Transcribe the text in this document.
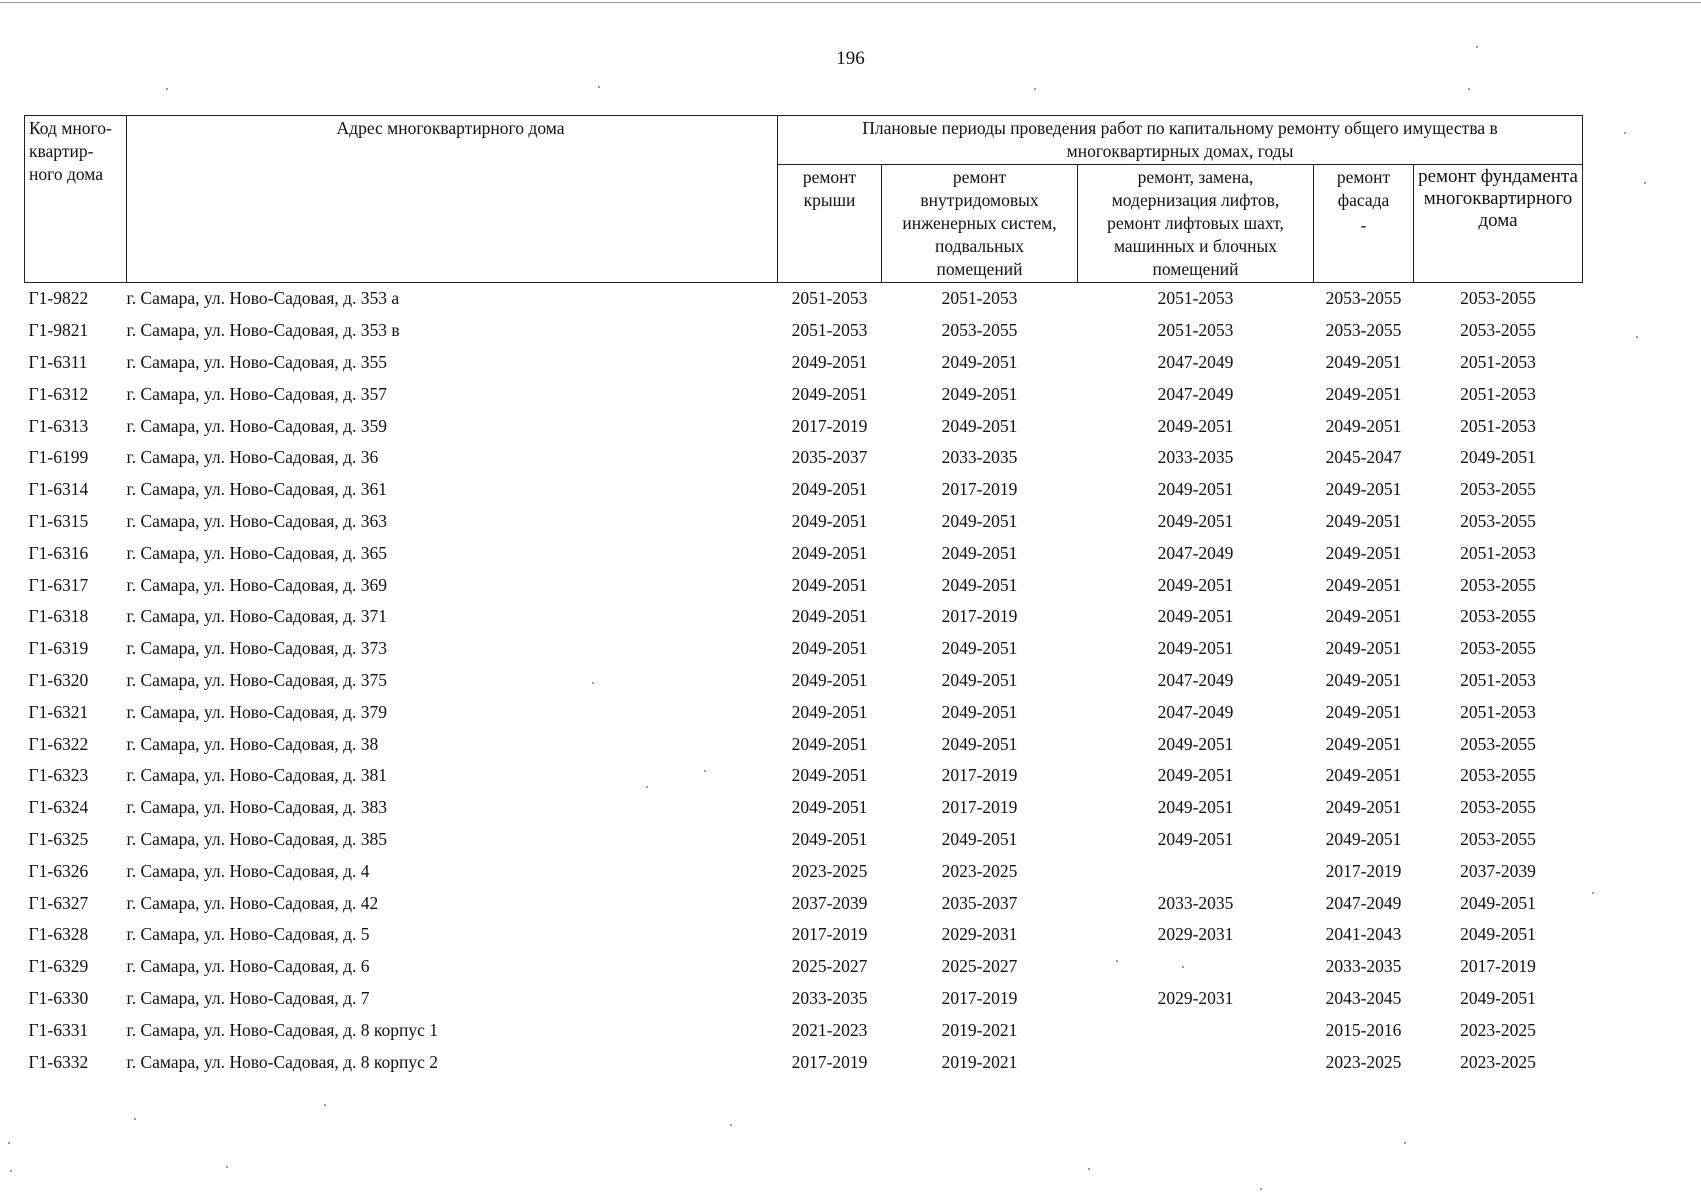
196
Код много-
квартир-
ного дома	Адрес многоквартирного дома	Плановые периоды проведения работ по капитальному ремонту общего имущества в
многоквартирных домах, годы				
		ремонт
крыши	ремонт
внутридомовых
инженерных систем,
подвальных
помещений	ремонт, замена,
модернизация лифтов,
ремонт лифтовых шахт,
машинных и блочных
помещений	ремонт
фасада
-	ремонт фундамента
многоквартирного
дома
Г1-9822	г. Самара, ул. Ново-Садовая, д. 353 а	2051-2053	2051-2053	2051-2053	2053-2055	2053-2055
Г1-9821	г. Самара, ул. Ново-Садовая, д. 353 в	2051-2053	2053-2055	2051-2053	2053-2055	2053-2055
Г1-6311	г. Самара, ул. Ново-Садовая, д. 355	2049-2051	2049-2051	2047-2049	2049-2051	2051-2053
Г1-6312	г. Самара, ул. Ново-Садовая, д. 357	2049-2051	2049-2051	2047-2049	2049-2051	2051-2053
Г1-6313	г. Самара, ул. Ново-Садовая, д. 359	2017-2019	2049-2051	2049-2051	2049-2051	2051-2053
Г1-6199	г. Самара, ул. Ново-Садовая, д. 36	2035-2037	2033-2035	2033-2035	2045-2047	2049-2051
Г1-6314	г. Самара, ул. Ново-Садовая, д. 361	2049-2051	2017-2019	2049-2051	2049-2051	2053-2055
Г1-6315	г. Самара, ул. Ново-Садовая, д. 363	2049-2051	2049-2051	2049-2051	2049-2051	2053-2055
Г1-6316	г. Самара, ул. Ново-Садовая, д. 365	2049-2051	2049-2051	2047-2049	2049-2051	2051-2053
Г1-6317	г. Самара, ул. Ново-Садовая, д. 369	2049-2051	2049-2051	2049-2051	2049-2051	2053-2055
Г1-6318	г. Самара, ул. Ново-Садовая, д. 371	2049-2051	2017-2019	2049-2051	2049-2051	2053-2055
Г1-6319	г. Самара, ул. Ново-Садовая, д. 373	2049-2051	2049-2051	2049-2051	2049-2051	2053-2055
Г1-6320	г. Самара, ул. Ново-Садовая, д. 375	2049-2051	2049-2051	2047-2049	2049-2051	2051-2053
Г1-6321	г. Самара, ул. Ново-Садовая, д. 379	2049-2051	2049-2051	2047-2049	2049-2051	2051-2053
Г1-6322	г. Самара, ул. Ново-Садовая, д. 38	2049-2051	2049-2051	2049-2051	2049-2051	2053-2055
Г1-6323	г. Самара, ул. Ново-Садовая, д. 381	2049-2051	2017-2019	2049-2051	2049-2051	2053-2055
Г1-6324	г. Самара, ул. Ново-Садовая, д. 383	2049-2051	2017-2019	2049-2051	2049-2051	2053-2055
Г1-6325	г. Самара, ул. Ново-Садовая, д. 385	2049-2051	2049-2051	2049-2051	2049-2051	2053-2055
Г1-6326	г. Самара, ул. Ново-Садовая, д. 4	2023-2025	2023-2025		2017-2019	2037-2039
Г1-6327	г. Самара, ул. Ново-Садовая, д. 42	2037-2039	2035-2037	2033-2035	2047-2049	2049-2051
Г1-6328	г. Самара, ул. Ново-Садовая, д. 5	2017-2019	2029-2031	2029-2031	2041-2043	2049-2051
Г1-6329	г. Самара, ул. Ново-Садовая, д. 6	2025-2027	2025-2027		2033-2035	2017-2019
Г1-6330	г. Самара, ул. Ново-Садовая, д. 7	2033-2035	2017-2019	2029-2031	2043-2045	2049-2051
Г1-6331	г. Самара, ул. Ново-Садовая, д. 8 корпус 1	2021-2023	2019-2021		2015-2016	2023-2025
Г1-6332	г. Самара, ул. Ново-Садовая, д. 8 корпус 2	2017-2019	2019-2021		2023-2025	2023-2025
